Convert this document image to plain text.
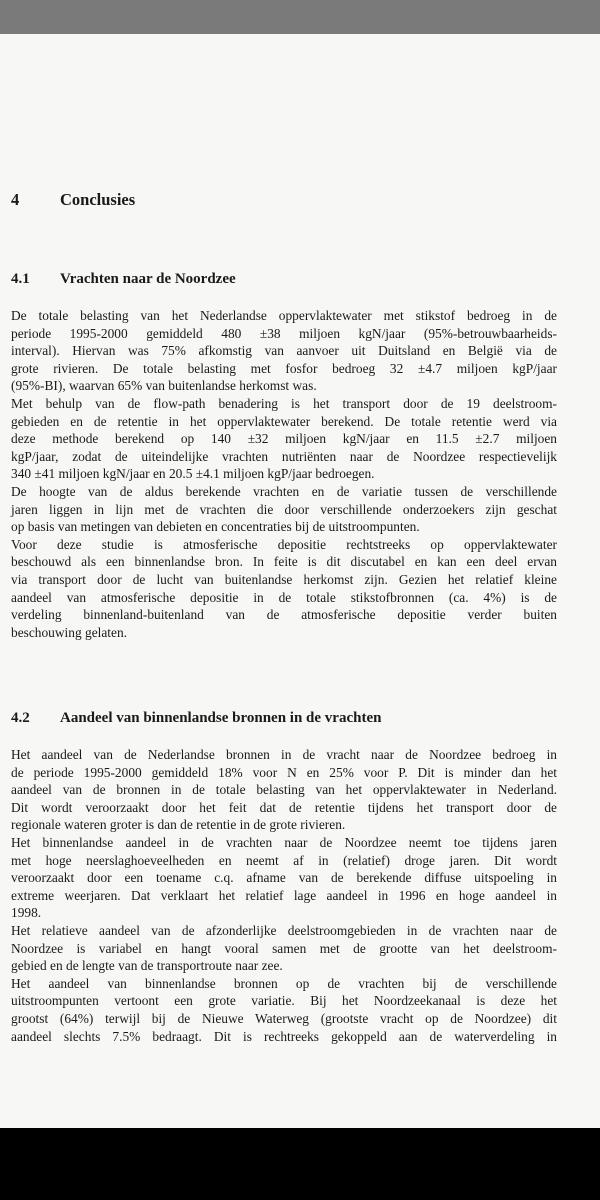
4	Conclusies
4.1	Vrachten naar de Noordzee
De totale belasting van het Nederlandse oppervlaktewater met stikstof bedroeg in de
periode 1995-2000 gemiddeld 480 ±38 miljoen kgN/jaar (95%-betrouwbaarheids-
interval). Hiervan was 75% afkomstig van aanvoer uit Duitsland en België via de
grote rivieren. De totale belasting met fosfor bedroeg 32 ±4.7 miljoen kgP/jaar
(95%-BI), waarvan 65% van buitenlandse herkomst was.
Met behulp van de flow-path benadering is het transport door de 19 deelstroom-
gebieden en de retentie in het oppervlaktewater berekend. De totale retentie werd via
deze methode berekend op 140 ±32 miljoen kgN/jaar en 11.5 ±2.7 miljoen
kgP/jaar, zodat de uiteindelijke vrachten nutriënten naar de Noordzee respectievelijk
340 ±41 miljoen kgN/jaar en 20.5 ±4.1 miljoen kgP/jaar bedroegen.
De hoogte van de aldus berekende vrachten en de variatie tussen de verschillende
jaren liggen in lijn met de vrachten die door verschillende onderzoekers zijn geschat
op basis van metingen van debieten en concentraties bij de uitstroompunten.
Voor deze studie is atmosferische depositie rechtstreeks op oppervlaktewater
beschouwd als een binnenlandse bron. In feite is dit discutabel en kan een deel ervan
via transport door de lucht van buitenlandse herkomst zijn. Gezien het relatief kleine
aandeel van atmosferische depositie in de totale stikstofbronnen (ca. 4%) is de
verdeling binnenland-buitenland van de atmosferische depositie verder buiten
beschouwing gelaten.
4.2	Aandeel van binnenlandse bronnen in de vrachten
Het aandeel van de Nederlandse bronnen in de vracht naar de Noordzee bedroeg in
de periode 1995-2000 gemiddeld 18% voor N en 25% voor P. Dit is minder dan het
aandeel van de bronnen in de totale belasting van het oppervlaktewater in Nederland.
Dit wordt veroorzaakt door het feit dat de retentie tijdens het transport door de
regionale wateren groter is dan de retentie in de grote rivieren.
Het binnenlandse aandeel in de vrachten naar de Noordzee neemt toe tijdens jaren
met hoge neerslaghoeveelheden en neemt af in (relatief) droge jaren. Dit wordt
veroorzaakt door een toename c.q. afname van de berekende diffuse uitspoeling in
extreme weerjaren. Dat verklaart het relatief lage aandeel in 1996 en hoge aandeel in
1998.
Het relatieve aandeel van de afzonderlijke deelstroomgebieden in de vrachten naar de
Noordzee is variabel en hangt vooral samen met de grootte van het deelstroom-
gebied en de lengte van de transportroute naar zee.
Het aandeel van binnenlandse bronnen op de vrachten bij de verschillende
uitstroompunten vertoont een grote variatie. Bij het Noordzeekanaal is deze het
grootst (64%) terwijl bij de Nieuwe Waterweg (grootste vracht op de Noordzee) dit
aandeel slechts 7.5% bedraagt. Dit is rechtreeks gekoppeld aan de waterverdeling in
